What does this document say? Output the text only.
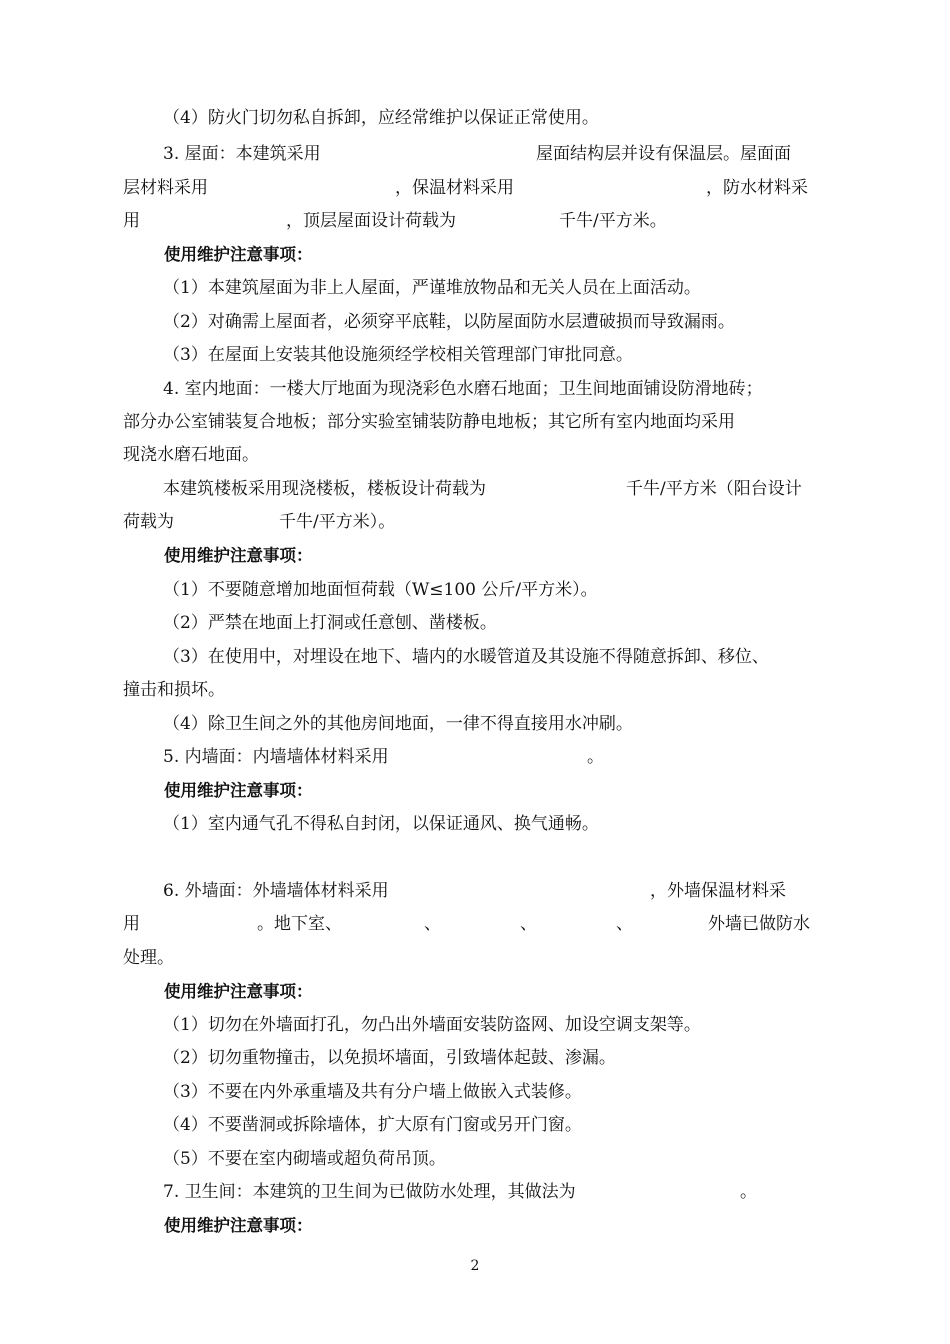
（4）防火门切勿私自拆卸，应经常维护以保证正常使用。
3. 屋面：本建筑采用	屋面结构层并设有保温层。屋面面
层材料采用	，保温材料采用	，防水材料采
用	，顶层屋面设计荷载为	千牛/平方米。
使用维护注意事项：
（1）本建筑屋面为非上人屋面，严谨堆放物品和无关人员在上面活动。
（2）对确需上屋面者，必须穿平底鞋，以防屋面防水层遭破损而导致漏雨。
（3）在屋面上安装其他设施须经学校相关管理部门审批同意。
4. 室内地面：一楼大厅地面为现浇彩色水磨石地面；卫生间地面铺设防滑地砖；
部分办公室铺装复合地板；部分实验室铺装防静电地板；其它所有室内地面均采用
现浇水磨石地面。
本建筑楼板采用现浇楼板，楼板设计荷载为	千牛/平方米（阳台设计
荷载为	千牛/平方米）。
使用维护注意事项：
（1）不要随意增加地面恒荷载（W≤100 公斤/平方米）。
（2）严禁在地面上打洞或任意刨、凿楼板。
（3）在使用中，对埋设在地下、墙内的水暖管道及其设施不得随意拆卸、移位、
撞击和损坏。
（4）除卫生间之外的其他房间地面，一律不得直接用水冲刷。
5. 内墙面：内墙墙体材料采用	。
使用维护注意事项：
（1）室内通气孔不得私自封闭，以保证通风、换气通畅。
6. 外墙面：外墙墙体材料采用	，外墙保温材料采
用	。地下室、	、	、	、	外墙已做防水
处理。
使用维护注意事项：
（1）切勿在外墙面打孔，勿凸出外墙面安装防盗网、加设空调支架等。
（2）切勿重物撞击，以免损坏墙面，引致墙体起鼓、渗漏。
（3）不要在内外承重墙及共有分户墙上做嵌入式装修。
（4）不要凿洞或拆除墙体，扩大原有门窗或另开门窗。
（5）不要在室内砌墙或超负荷吊顶。
7. 卫生间：本建筑的卫生间为已做防水处理，其做法为	。
使用维护注意事项：
2
